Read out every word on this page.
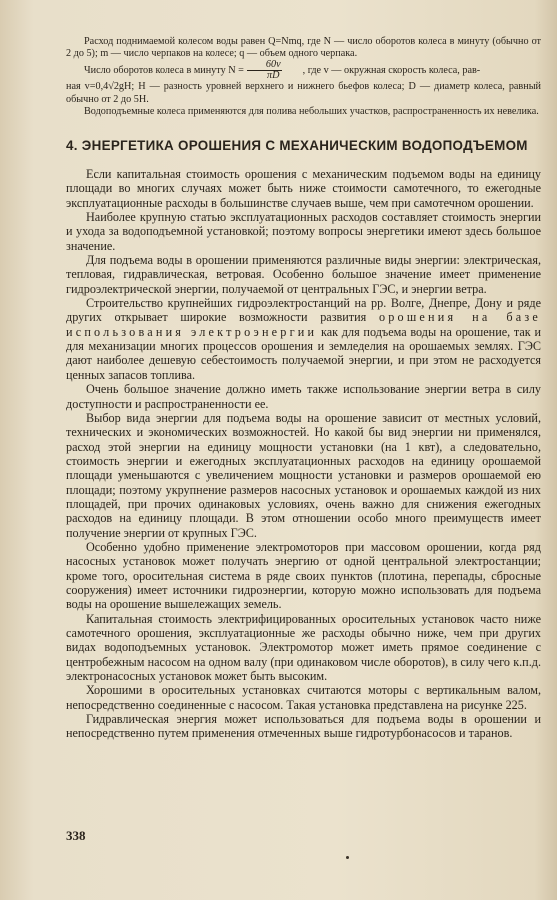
Расход поднимаемой колесом воды равен Q=Nmq, где N — число оборотов колеса в минуту (обычно от 2 до 5); m — число черпаков на колесе; q — объем одного черпака.

Число оборотов колеса в минуту $N = \frac{60v}{\pi D}$	, где v — окружная скорость колеса, рав-

ная v=0,4√2gH; H — разность уровней верхнего и нижнего бьефов колеса; D — диаметр колеса, равный обычно от 2 до 5H.

Водоподъемные колеса применяются для полива небольших участков, распространенность их невелика.

4. ЭНЕРГЕТИКА ОРОШЕНИЯ С МЕХАНИЧЕСКИМ ВОДОПОДЪЕМОМ

Если капитальная стоимость орошения с механическим подъемом воды на единицу площади во многих случаях может быть ниже стоимости самотечного, то ежегодные эксплуатационные расходы в большинстве случаев выше, чем при самотечном орошении.

Наиболее крупную статью эксплуатационных расходов составляет стоимость энергии и ухода за водоподъемной установкой; поэтому вопросы энергетики имеют здесь большое значение.

Для подъема воды в орошении применяются различные виды энергии: электрическая, тепловая, гидравлическая, ветровая. Особенно большое значение имеет применение гидроэлектрической энергии, получаемой от центральных ГЭС, и энергии ветра.

Строительство крупнейших гидроэлектростанций на рр. Волге, Днепре, Дону и ряде других открывает широкие возможности развития орошения на базе использования электроэнергии как для подъема воды на орошение, так и для механизации многих процессов орошения и земледелия на орошаемых землях. ГЭС дают наиболее дешевую себестоимость получаемой энергии, и при этом не расходуется ценных запасов топлива.

Очень большое значение должно иметь также использование энергии ветра в силу доступности и распространенности ее.

Выбор вида энергии для подъема воды на орошение зависит от местных условий, технических и экономических возможностей. Но какой бы вид энергии ни применялся, расход этой энергии на единицу мощности установки (на 1 квт), а следовательно, стоимость энергии и ежегодных эксплуатационных расходов на единицу орошаемой площади уменьшаются с увеличением мощности установки и размеров орошаемой ею площади; поэтому укрупнение размеров насосных установок и орошаемых каждой из них площадей, при прочих одинаковых условиях, очень важно для снижения ежегодных расходов на единицу площади. В этом отношении особо много преимуществ имеет получение энергии от крупных ГЭС.

Особенно удобно применение электромоторов при массовом орошении, когда ряд насосных установок может получать энергию от одной центральной электростанции; кроме того, оросительная система в ряде своих пунктов (плотина, перепады, сбросные сооружения) имеет источники гидроэнергии, которую можно использовать для подъема воды на орошение вышележащих земель.

Капитальная стоимость электрифицированных оросительных установок часто ниже самотечного орошения, эксплуатационные же расходы обычно ниже, чем при других видах водоподъемных установок. Электромотор может иметь прямое соединение с центробежным насосом на одном валу (при одинаковом числе оборотов), в силу чего к.п.д. электронасосных установок может быть высоким.

Хорошими в оросительных установках считаются моторы с вертикальным валом, непосредственно соединенные с насосом. Такая установка представлена на рисунке 225.

Гидравлическая энергия может использоваться для подъема воды в орошении и непосредственно путем применения отмеченных выше гидротурбонасосов и таранов.

338
